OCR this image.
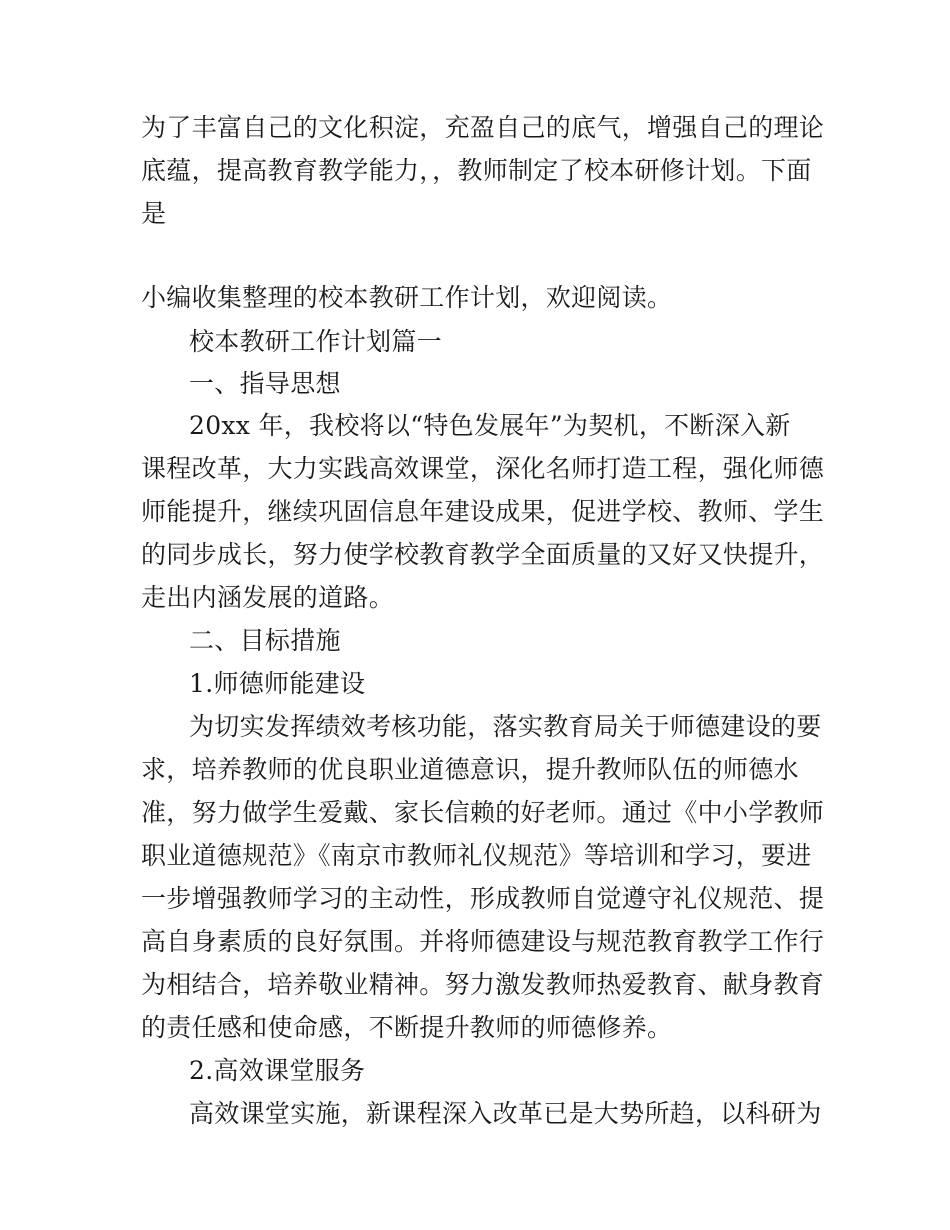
为了丰富自己的文化积淀，充盈自己的底气，增强自己的理论
底蕴，提高教育教学能力，，教师制定了校本研修计划。下面
是
小编收集整理的校本教研工作计划，欢迎阅读。
校本教研工作计划篇一
一、指导思想
20xx 年，我校将以“特色发展年”为契机，不断深入新
课程改革，大力实践高效课堂，深化名师打造工程，强化师德
师能提升，继续巩固信息年建设成果，促进学校、教师、学生
的同步成长，努力使学校教育教学全面质量的又好又快提升，
走出内涵发展的道路。
二、目标措施
1.师德师能建设
为切实发挥绩效考核功能，落实教育局关于师德建设的要
求，培养教师的优良职业道德意识，提升教师队伍的师德水
准，努力做学生爱戴、家长信赖的好老师。通过《中小学教师
职业道德规范》《南京市教师礼仪规范》等培训和学习，要进
一步增强教师学习的主动性，形成教师自觉遵守礼仪规范、提
高自身素质的良好氛围。并将师德建设与规范教育教学工作行
为相结合，培养敬业精神。努力激发教师热爱教育、献身教育
的责任感和使命感，不断提升教师的师德修养。
2.高效课堂服务
高效课堂实施，新课程深入改革已是大势所趋，以科研为
